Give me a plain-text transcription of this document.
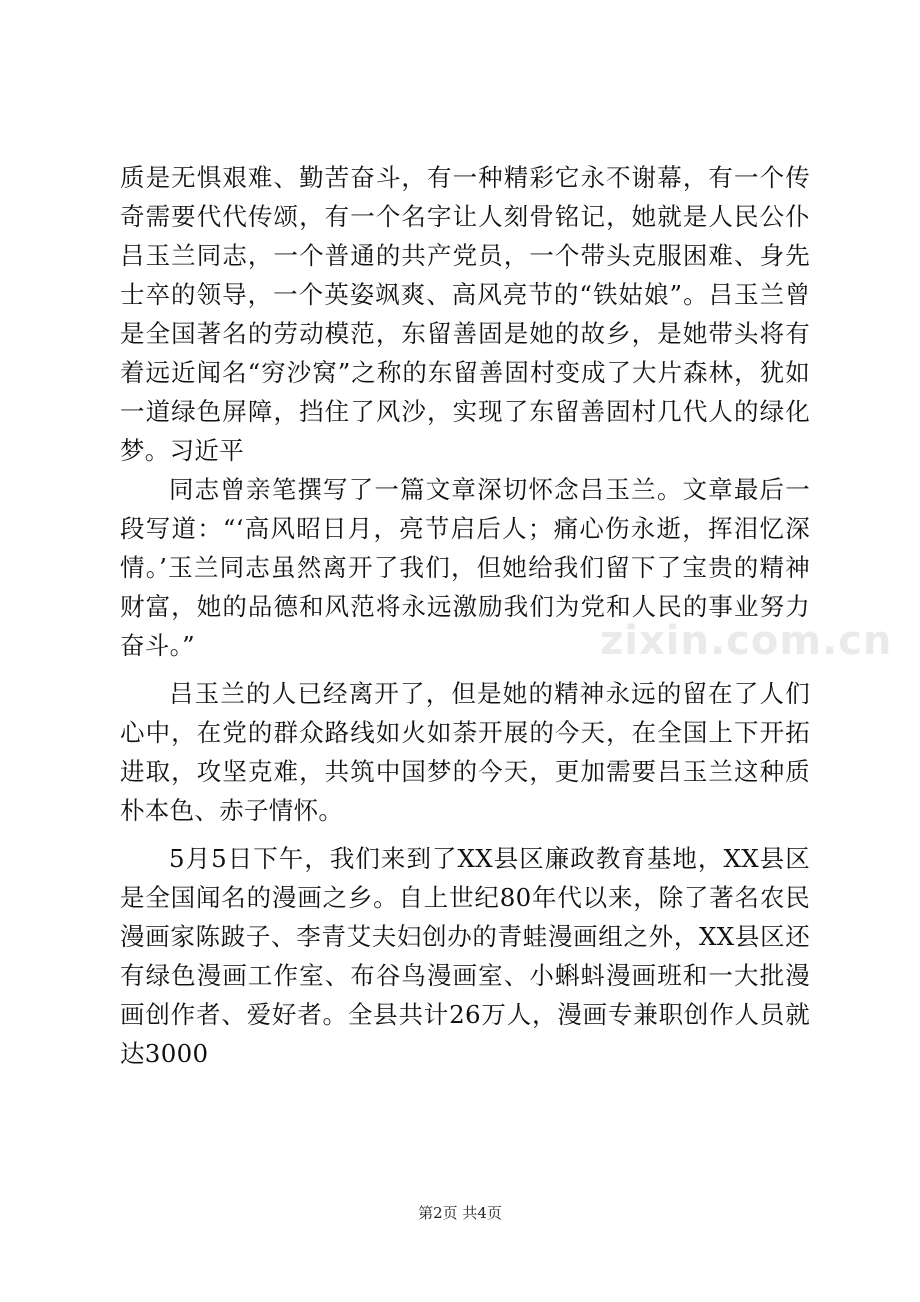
质是无惧艰难、勤苦奋斗，有一种精彩它永不谢幕，有一个传奇需要代代传颂，有一个名字让人刻骨铭记，她就是人民公仆吕玉兰同志，一个普通的共产党员，一个带头克服困难、身先士卒的领导，一个英姿飒爽、高风亮节的“铁姑娘”。吕玉兰曾是全国著名的劳动模范，东留善固是她的故乡，是她带头将有着远近闻名“穷沙窝”之称的东留善固村变成了大片森林，犹如一道绿色屏障，挡住了风沙，实现了东留善固村几代人的绿化梦。习近平

同志曾亲笔撰写了一篇文章深切怀念吕玉兰。文章最后一段写道：“‘高风昭日月，亮节启后人；痛心伤永逝，挥泪忆深情。’玉兰同志虽然离开了我们，但她给我们留下了宝贵的精神财富，她的品德和风范将永远激励我们为党和人民的事业努力奋斗。”

吕玉兰的人已经离开了，但是她的精神永远的留在了人们心中，在党的群众路线如火如荼开展的今天，在全国上下开拓进取，攻坚克难，共筑中国梦的今天，更加需要吕玉兰这种质朴本色、赤子情怀。

5月5日下午，我们来到了XX县区廉政教育基地，XX县区是全国闻名的漫画之乡。自上世纪80年代以来，除了著名农民漫画家陈跛子、李青艾夫妇创办的青蛙漫画组之外，XX县区还有绿色漫画工作室、布谷鸟漫画室、小蝌蚪漫画班和一大批漫画创作者、爱好者。全县共计26万人，漫画专兼职创作人员就达3000

zixin.com.cn
第2页 共4页
